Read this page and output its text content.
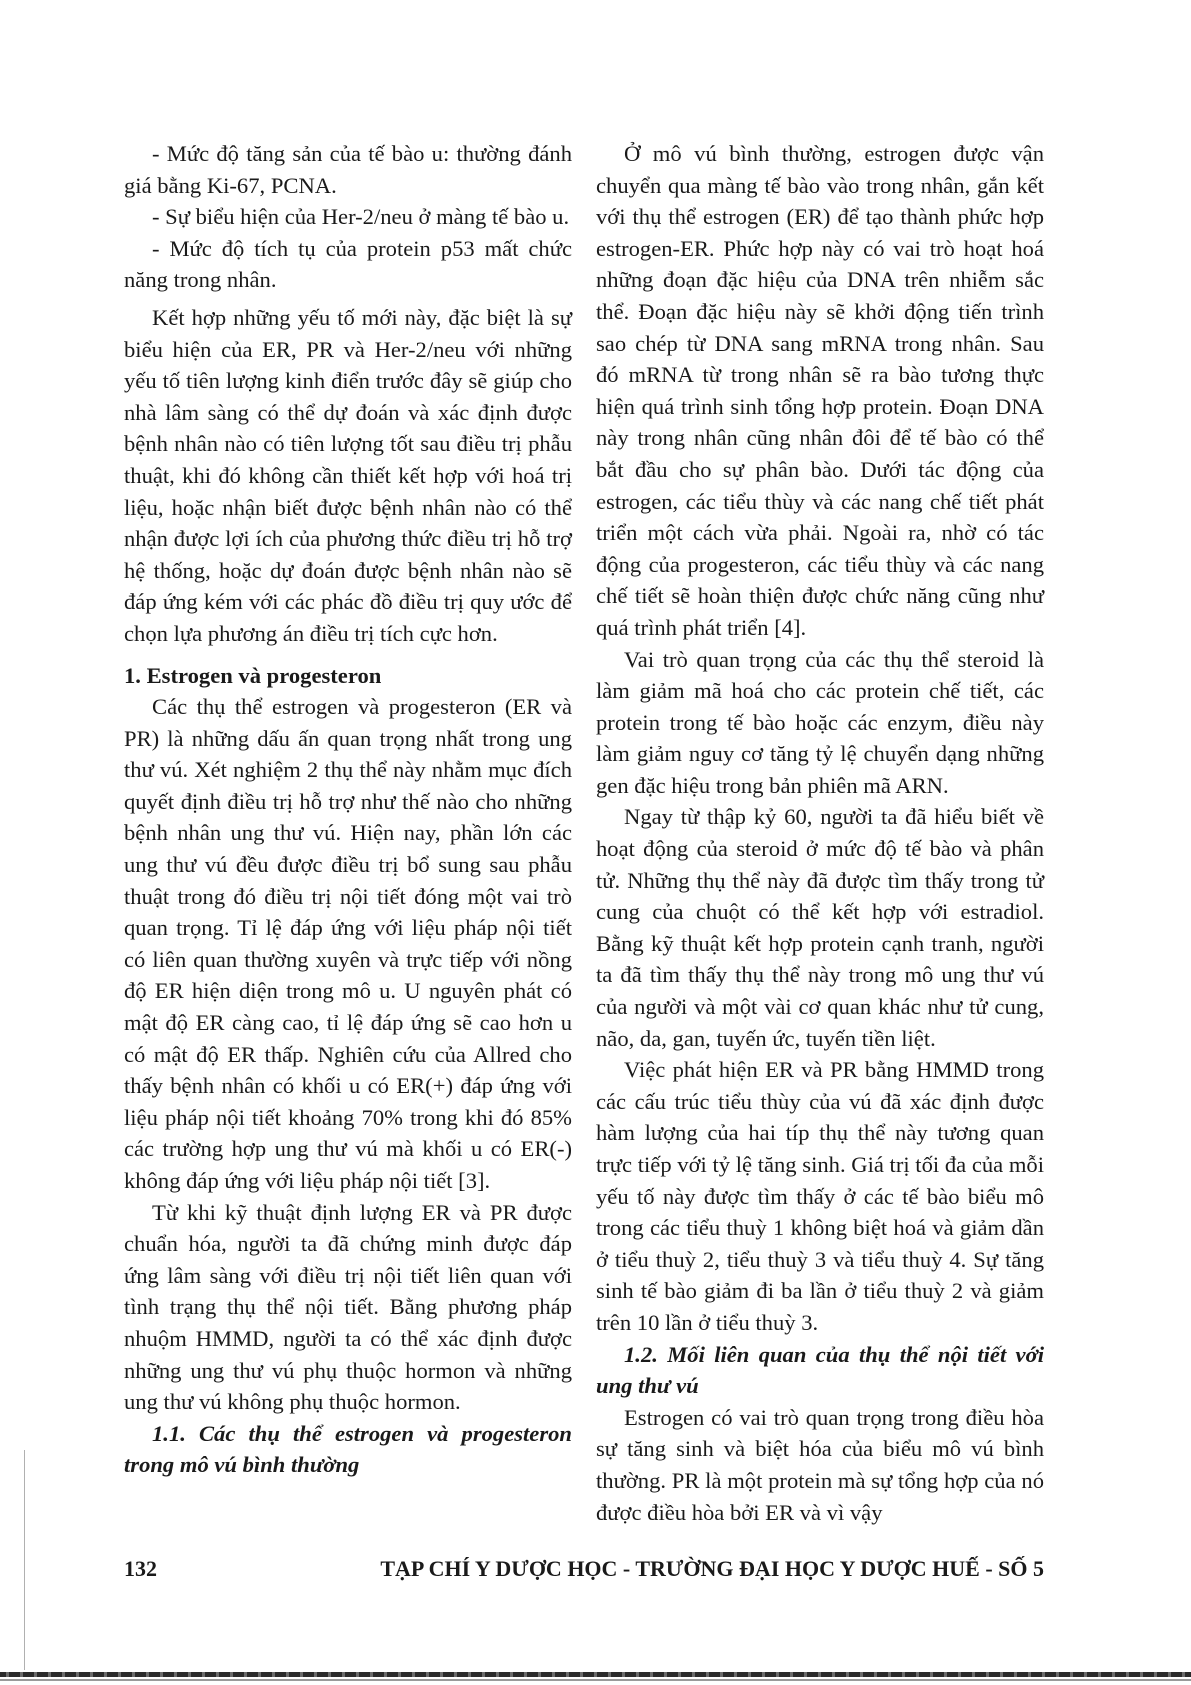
- Mức độ tăng sản của tế bào u: thường đánh giá bằng Ki-67, PCNA.

- Sự biểu hiện của Her-2/neu ở màng tế bào u.

- Mức độ tích tụ của protein p53 mất chức năng trong nhân.

Kết hợp những yếu tố mới này, đặc biệt là sự biểu hiện của ER, PR và Her-2/neu với những yếu tố tiên lượng kinh điển trước đây sẽ giúp cho nhà lâm sàng có thể dự đoán và xác định được bệnh nhân nào có tiên lượng tốt sau điều trị phẫu thuật, khi đó không cần thiết kết hợp với hoá trị liệu, hoặc nhận biết được bệnh nhân nào có thể nhận được lợi ích của phương thức điều trị hỗ trợ hệ thống, hoặc dự đoán được bệnh nhân nào sẽ đáp ứng kém với các phác đồ điều trị quy ước để chọn lựa phương án điều trị tích cực hơn.

1. Estrogen và progesteron

Các thụ thể estrogen và progesteron (ER và PR) là những dấu ấn quan trọng nhất trong ung thư vú. Xét nghiệm 2 thụ thể này nhằm mục đích quyết định điều trị hỗ trợ như thế nào cho những bệnh nhân ung thư vú. Hiện nay, phần lớn các ung thư vú đều được điều trị bổ sung sau phẫu thuật trong đó điều trị nội tiết đóng một vai trò quan trọng. Tỉ lệ đáp ứng với liệu pháp nội tiết có liên quan thường xuyên và trực tiếp với nồng độ ER hiện diện trong mô u. U nguyên phát có mật độ ER càng cao, tỉ lệ đáp ứng sẽ cao hơn u có mật độ ER thấp. Nghiên cứu của Allred cho thấy bệnh nhân có khối u có ER(+) đáp ứng với liệu pháp nội tiết khoảng 70% trong khi đó 85% các trường hợp ung thư vú mà khối u có ER(-) không đáp ứng với liệu pháp nội tiết [3].

Từ khi kỹ thuật định lượng ER và PR được chuẩn hóa, người ta đã chứng minh được đáp ứng lâm sàng với điều trị nội tiết liên quan với tình trạng thụ thể nội tiết. Bằng phương pháp nhuộm HMMD, người ta có thể xác định được những ung thư vú phụ thuộc hormon và những ung thư vú không phụ thuộc hormon.

1.1. Các thụ thể estrogen và progesteron trong mô vú bình thường

Ở mô vú bình thường, estrogen được vận chuyển qua màng tế bào vào trong nhân, gắn kết với thụ thể estrogen (ER) để tạo thành phức hợp estrogen-ER. Phức hợp này có vai trò hoạt hoá những đoạn đặc hiệu của DNA trên nhiễm sắc thể. Đoạn đặc hiệu này sẽ khởi động tiến trình sao chép từ DNA sang mRNA trong nhân. Sau đó mRNA từ trong nhân sẽ ra bào tương thực hiện quá trình sinh tổng hợp protein. Đoạn DNA này trong nhân cũng nhân đôi để tế bào có thể bắt đầu cho sự phân bào. Dưới tác động của estrogen, các tiểu thùy và các nang chế tiết phát triển một cách vừa phải. Ngoài ra, nhờ có tác động của progesteron, các tiểu thùy và các nang chế tiết sẽ hoàn thiện được chức năng cũng như quá trình phát triển [4].

Vai trò quan trọng của các thụ thể steroid là làm giảm mã hoá cho các protein chế tiết, các protein trong tế bào hoặc các enzym, điều này làm giảm nguy cơ tăng tỷ lệ chuyển dạng những gen đặc hiệu trong bản phiên mã ARN.

Ngay từ thập kỷ 60, người ta đã hiểu biết về hoạt động của steroid ở mức độ tế bào và phân tử. Những thụ thể này đã được tìm thấy trong tử cung của chuột có thể kết hợp với estradiol. Bằng kỹ thuật kết hợp protein cạnh tranh, người ta đã tìm thấy thụ thể này trong mô ung thư vú của người và một vài cơ quan khác như tử cung, não, da, gan, tuyến ức, tuyến tiền liệt.

Việc phát hiện ER và PR bằng HMMD trong các cấu trúc tiểu thùy của vú đã xác định được hàm lượng của hai típ thụ thể này tương quan trực tiếp với tỷ lệ tăng sinh. Giá trị tối đa của mỗi yếu tố này được tìm thấy ở các tế bào biểu mô trong các tiểu thuỳ 1 không biệt hoá và giảm dần ở tiểu thuỳ 2, tiểu thuỳ 3 và tiểu thuỳ 4. Sự tăng sinh tế bào giảm đi ba lần ở tiểu thuỳ 2 và giảm trên 10 lần ở tiểu thuỳ 3.

1.2. Mối liên quan của thụ thể nội tiết với ung thư vú

Estrogen có vai trò quan trọng trong điều hòa sự tăng sinh và biệt hóa của biểu mô vú bình thường. PR là một protein mà sự tổng hợp của nó được điều hòa bởi ER và vì vậy

132	TẠP CHÍ Y DƯỢC HỌC - TRƯỜNG ĐẠI HỌC Y DƯỢC HUẾ - SỐ 5
